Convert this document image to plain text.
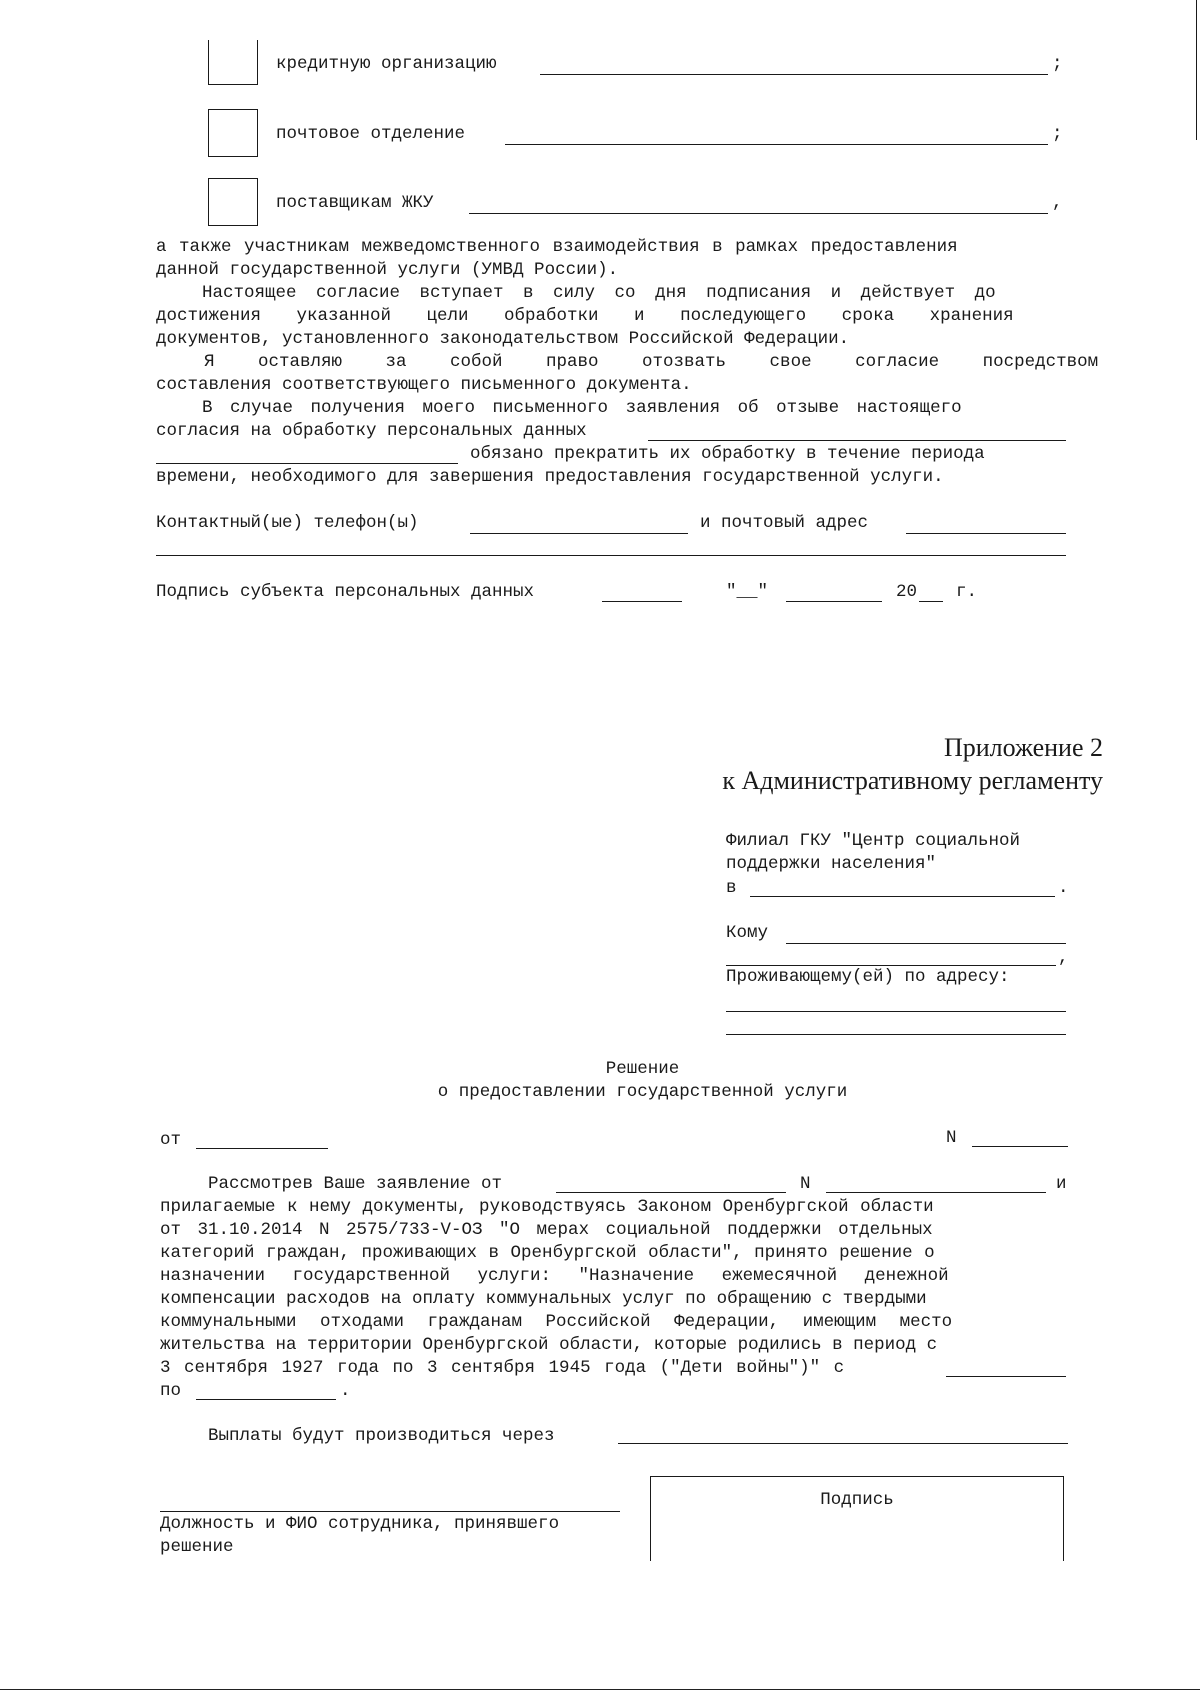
кредитную организацию	;
почтовое отделение	;
поставщикам ЖКУ	,
а также участникам межведомственного взаимодействия в рамках предоставления
данной государственной услуги (УМВД России).
Настоящее согласие вступает в силу со дня подписания и действует до
достижения указанной цели обработки и последующего срока хранения
документов, установленного законодательством Российской Федерации.
Я оставляю за собой право отозвать свое согласие посредством
составления соответствующего письменного документа.
В случае получения моего письменного заявления об отзыве настоящего
согласия на обработку персональных данных
обязано прекратить их обработку в течение периода
времени, необходимого для завершения предоставления государственной услуги.
Контактный(ые) телефон(ы)	и почтовый адрес
Подпись субъекта персональных данных	"__"	20 г.
Приложение 2
к Административному регламенту
Филиал ГКУ "Центр социальной
поддержки населения"
в	.
Кому
,
Проживающему(ей) по адресу:
Решение
о предоставлении государственной услуги
от	N
Рассмотрев Ваше заявление от	N	и
прилагаемые к нему документы, руководствуясь Законом Оренбургской области
от 31.10.2014 N 2575/733-V-ОЗ "О мерах социальной поддержки отдельных
категорий граждан, проживающих в Оренбургской области", принято решение о
назначении государственной услуги: "Назначение ежемесячной денежной
компенсации расходов на оплату коммунальных услуг по обращению с твердыми
коммунальными отходами гражданам Российской Федерации, имеющим место
жительства на территории Оренбургской области, которые родились в период с
3 сентября 1927 года по 3 сентября 1945 года ("Дети войны")" с
по	.
Выплаты будут производиться через
Должность и ФИО сотрудника, принявшего
решение
Подпись
